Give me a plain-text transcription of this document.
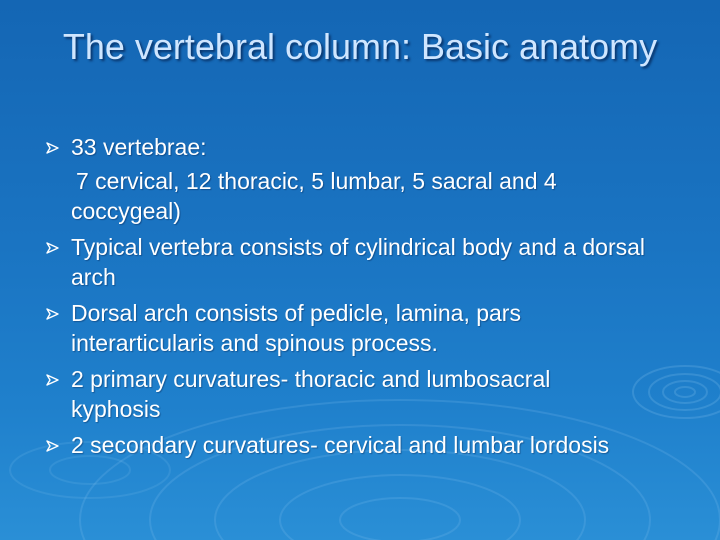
The vertebral column: Basic anatomy
33 vertebrae:
7 cervical, 12 thoracic, 5 lumbar, 5 sacral and 4 coccygeal)
Typical vertebra consists of cylindrical body and a dorsal arch
Dorsal arch consists of pedicle, lamina, pars interarticularis and spinous process.
2 primary curvatures- thoracic and lumbosacral kyphosis
2 secondary curvatures- cervical and lumbar lordosis
